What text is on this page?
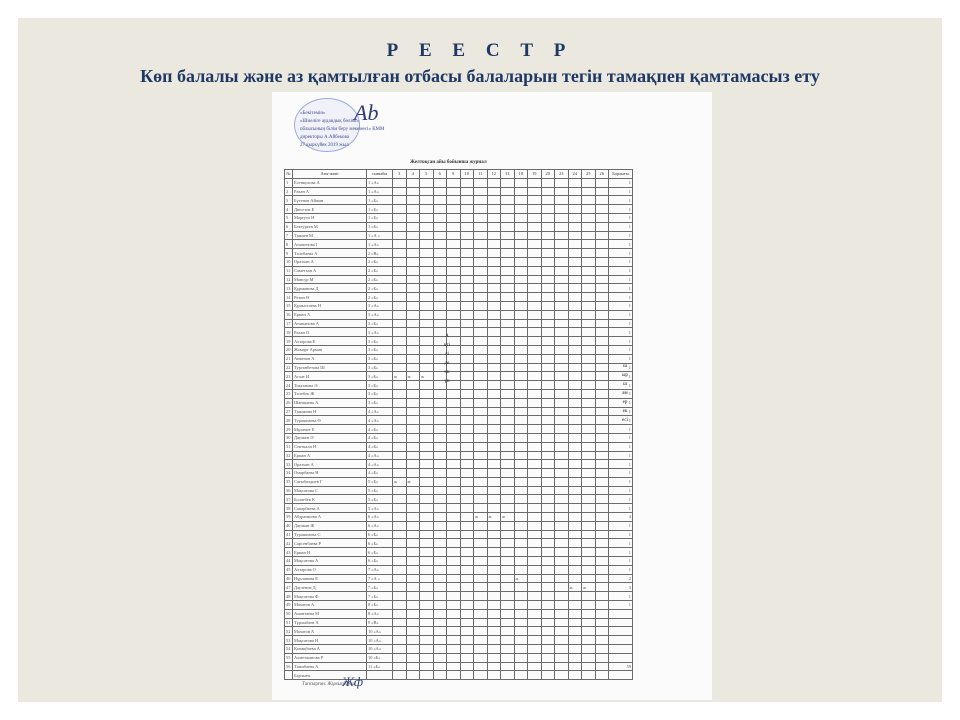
Р Е Е С Т Р
Көп балалы және аз қамтылған отбасы балаларын тегін тамақпен қамтамасыз ету
Ab
«Бекітемін»
«Шиеліге аудандық бөлімі»
облысының білім беру мекемесі» КММ
директоры А.Айбекова
27 қыркүйек 2019 жыл
Желтоқсан айы бойынша журнал
№	Аты-жөні	сыныбы	3	4	5	6	9	10	11	12	13	18	19	20	23	24	25	26	Барлығы
1	Есенкулова А	1 «А»																	1
2	Рахан А	1 «А»																	1
3	Бүтенов Айжан	1 «Б»																	1
4	Дюсетов Е	1 «Б»																	1
5	Маргута Н	1 «Б»																	1
6	Бектуреев М	1 «Б»																	1
7	Тажиев М	1 «А »																	1
8	Аташенова І	1 «А»																	1
9	Төлебаева А	2 «В»																	1
10	Оразхан А	2 «Б»																	1
11	Саметхан А	2 «Б»																	1
12	Мансур М	2 «Б»																	1
13	Құрманова Д	2 «Б»																	1
14	Резин Ө	2 «Б»																	1
15	Құмыстаева Н	3 «А»																	1
16	Ерман А	3 «А»																	1
17	Аташанова А	3 «Б»																	1
18	Рахан О	3 «А»																	1
19	Ахтарова Е	3 «Б»																	1
20	Жомарт Арман	3 «Б»																	1
21	Анкенов А	3 «Б»																	1
22	Турганбетова Ш	3 «Б»																	1
23	Асхат И	3 «Б»	ж	ж	ж														1
24	Тоқтанова Ә	3 «Б»																	1
25	Төлебек Ж	3 «Б»																	1
26	Шаншаева А	3 «Б»																	1
27	Тажикова Н	4 «А»																	1
28	Турашпаева Ө	4 «А»																	1
29	Мұхамет Е	4 «Б»																	1
30	Даулкен Ә	4 «Б»																	1
31	Сеиткали Н	4 «Б»																	1
32	Ерман А	4 «А»																	1
33	Оразхан А	4 «А»																	1
34	Омарбаева Н	4 «Б»																	1
35	Сатыбалдиев Г	5 «Б»	ж	ж															1
36	Мақсатова С	5 «Б»																	1
37	Болатбек К	5 «Б»																	1
38	Сапарбаева А	5 «А»																	1
39	Абдраимова А	6 «А»							ж	ж	ж								4
40	Даулкан Ж	6 «А»																	1
41	Турашпаева С	6 «Б»																	1
42	Сарсенбаева Р	6 «Б»																	1
43	Ерман Н	6 «Б»																	1
44	Мақсатова А	6 «Б»																	1
45	Ахтарова О	7 «А»																	1
46	Нұрланова Е	7 «А »										ж							2
47	Дауленов Д	7 «Б»														ж	ж		3
48	Мақсатова Ф	7 «Б»																	1
49	Махатов А	8 «Б»																	1
50	Амантаева М	8 «А»																	
51	Тұрлыбаев А	9 «В»																	
52	Махатов А	10 «А»																	
53	Мақсатова Н	10 «А»																	
54	Қонақбаева А	10 «А»																	
55	Ахметжанова Р	10 «Б»																	
56	Тажибаева А	11 «Б»																	59
	Барлығы																		
Актіліденкүн
шыршамерекесі
Жф
Тапсырған: Жұмысбаева
